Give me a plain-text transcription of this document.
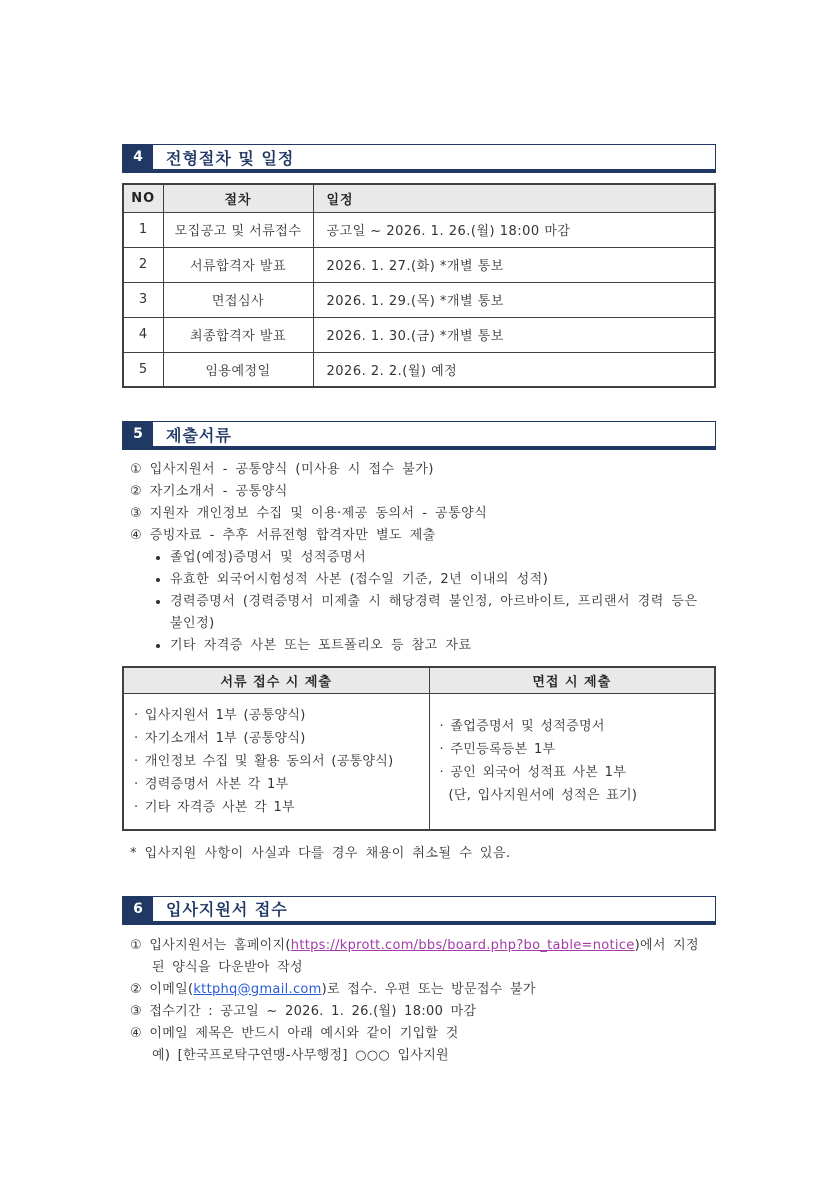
4	전형절차 및 일정
NO	절차	일정
1	모집공고 및 서류접수	공고일 ~ 2026. 1. 26.(월) 18:00 마감
2	서류합격자 발표	2026. 1. 27.(화) *개별 통보
3	면접심사	2026. 1. 29.(목) *개별 통보
4	최종합격자 발표	2026. 1. 30.(금) *개별 통보
5	임용예정일	2026. 2. 2.(월) 예정
5	제출서류
① 입사지원서 - 공통양식 (미사용 시 접수 불가)
② 자기소개서 - 공통양식
③ 지원자 개인정보 수집 및 이용·제공 동의서 - 공통양식
④ 증빙자료 - 추후 서류전형 합격자만 별도 제출
• 졸업(예정)증명서 및 성적증명서
• 유효한 외국어시험성적 사본 (접수일 기준, 2년 이내의 성적)
• 경력증명서 (경력증명서 미제출 시 해당경력 불인정, 아르바이트, 프리랜서 경력 등은 불인정)
• 기타 자격증 사본 또는 포트폴리오 등 참고 자료
서류 접수 시 제출	면접 시 제출

· 입사지원서 1부 (공통양식)
· 자기소개서 1부 (공통양식)
· 개인정보 수집 및 활용 동의서 (공통양식)
· 경력증명서 사본 각 1부
· 기타 자격증 사본 각 1부

· 졸업증명서 및 성적증명서
· 주민등록등본 1부
· 공인 외국어 성적표 사본 1부
(단, 입사지원서에 성적은 표기)
* 입사지원 사항이 사실과 다를 경우 채용이 취소될 수 있음.
6	입사지원서 접수
① 입사지원서는 홈페이지(https://kprott.com/bbs/board.php?bo_table=notice)에서 지정
된 양식을 다운받아 작성
② 이메일(kttphq@gmail.com)로 접수. 우편 또는 방문접수 불가
③ 접수기간 : 공고일 ~ 2026. 1. 26.(월) 18:00 마감
④ 이메일 제목은 반드시 아래 예시와 같이 기입할 것
예) [한국프로탁구연맹-사무행정] ○○○ 입사지원
